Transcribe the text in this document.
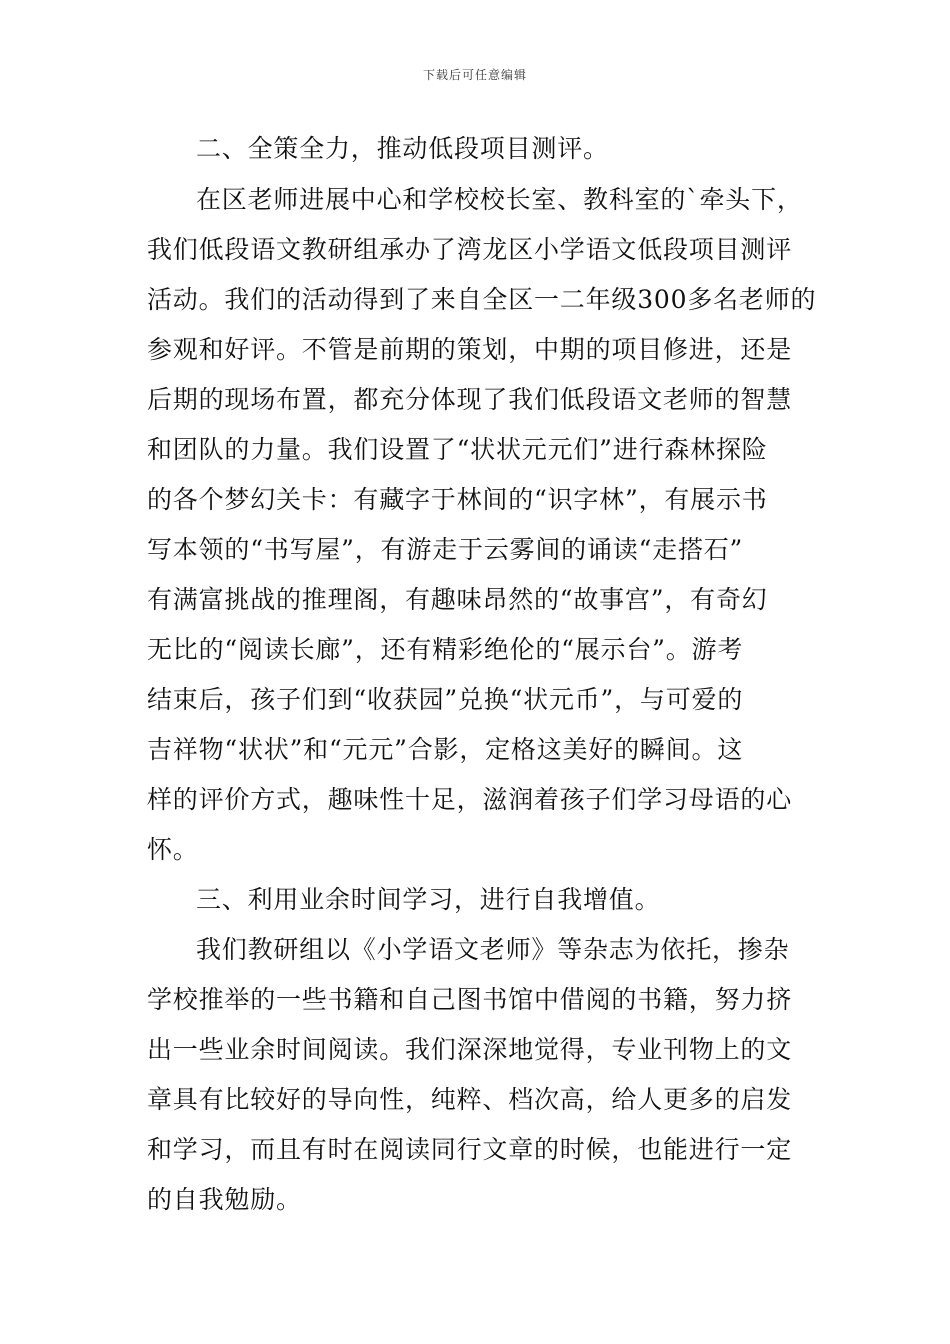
下载后可任意编辑
二、全策全力，推动低段项目测评。
在区老师进展中心和学校校长室、教科室的`牵头下，
我们低段语文教研组承办了湾龙区小学语文低段项目测评
活动。我们的活动得到了来自全区一二年级300多名老师的
参观和好评。不管是前期的策划，中期的项目修进，还是
后期的现场布置，都充分体现了我们低段语文老师的智慧
和团队的力量。我们设置了“状状元元们”进行森林探险
的各个梦幻关卡：有藏字于林间的“识字林”，有展示书
写本领的“书写屋”，有游走于云雾间的诵读“走搭石”
有满富挑战的推理阁，有趣味昂然的“故事宫”，有奇幻
无比的“阅读长廊”，还有精彩绝伦的“展示台”。游考
结束后，孩子们到“收获园”兑换“状元币”，与可爱的
吉祥物“状状”和“元元”合影，定格这美好的瞬间。这
样的评价方式，趣味性十足，滋润着孩子们学习母语的心
怀。
三、利用业余时间学习，进行自我增值。
我们教研组以《小学语文老师》等杂志为依托，掺杂
学校推举的一些书籍和自己图书馆中借阅的书籍，努力挤
出一些业余时间阅读。我们深深地觉得，专业刊物上的文
章具有比较好的导向性，纯粹、档次高，给人更多的启发
和学习，而且有时在阅读同行文章的时候，也能进行一定
的自我勉励。
